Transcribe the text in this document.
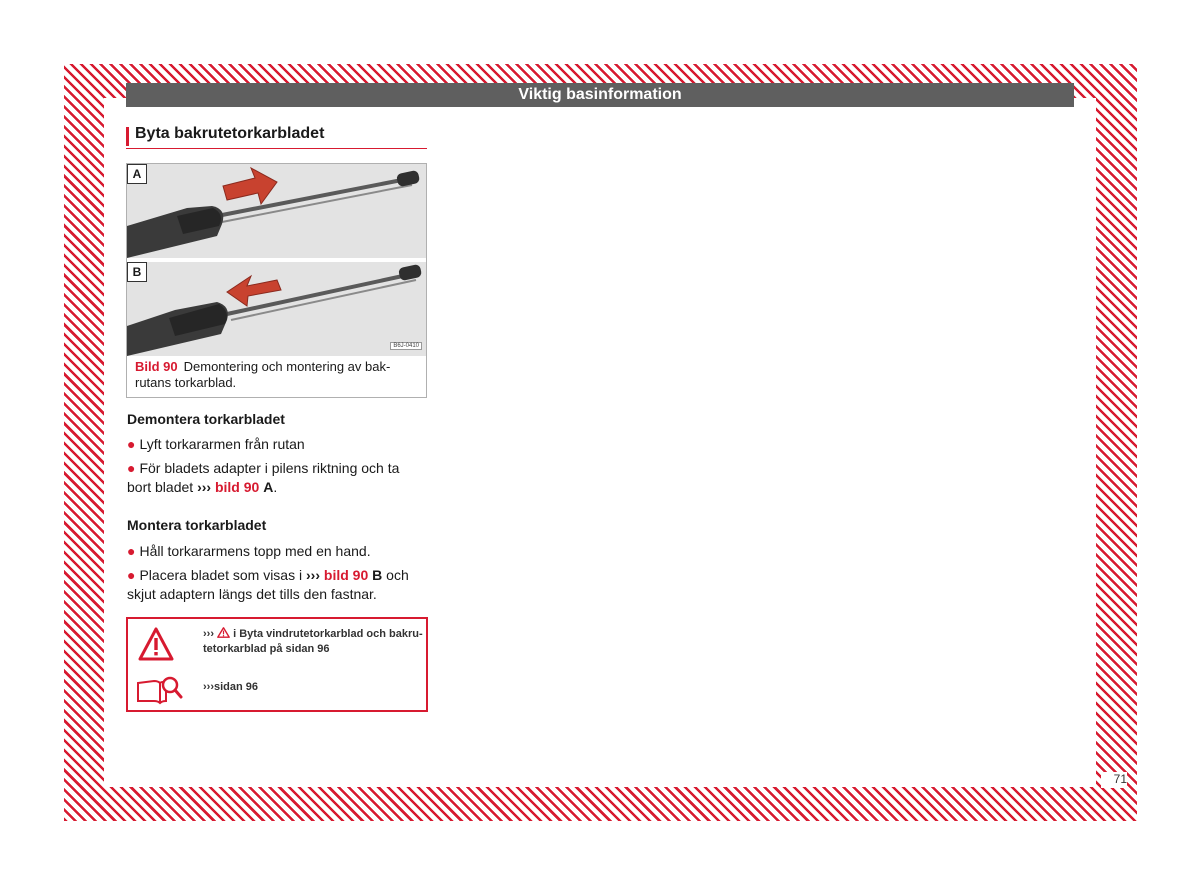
Viktig basinformation
Byta bakrutetorkarbladet
A
B
B6J-0410
Bild 90 Demontering och montering av bak-rutans torkarblad.
Demontera torkarbladet
● Lyft torkararmen från rutan
● För bladets adapter i pilens riktning och ta bort bladet ››› bild 90 A.
Montera torkarbladet
● Håll torkararmens topp med en hand.
● Placera bladet som visas i ››› bild 90 B och skjut adaptern längs det tills den fastnar.
››› i Byta vindrutetorkarblad och bakru-tetorkarblad på sidan 96
›››sidan 96
71
